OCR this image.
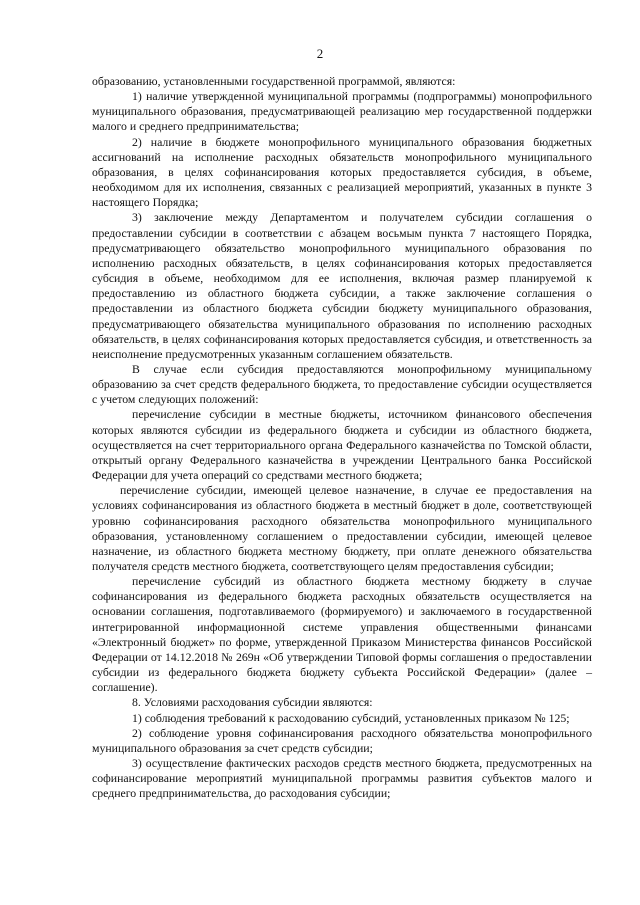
2

образованию, установленными государственной программой, являются:

1) наличие утвержденной муниципальной программы (подпрограммы) монопрофильного муниципального образования, предусматривающей реализацию мер государственной поддержки малого и среднего предпринимательства;

2) наличие в бюджете монопрофильного муниципального образования бюджетных ассигнований на исполнение расходных обязательств монопрофильного муниципального образования, в целях софинансирования которых предоставляется субсидия, в объеме, необходимом для их исполнения, связанных с реализацией мероприятий, указанных в пункте 3 настоящего Порядка;

3) заключение между Департаментом и получателем субсидии соглашения о предоставлении субсидии в соответствии с абзацем восьмым пункта 7 настоящего Порядка, предусматривающего обязательство монопрофильного муниципального образования по исполнению расходных обязательств, в целях софинансирования которых предоставляется субсидия в объеме, необходимом для ее исполнения, включая размер планируемой к предоставлению из областного бюджета субсидии, а также заключение соглашения о предоставлении из областного бюджета субсидии бюджету муниципального образования, предусматривающего обязательства муниципального образования по исполнению расходных обязательств, в целях софинансирования которых предоставляется субсидия, и ответственность за неисполнение предусмотренных указанным соглашением обязательств.

В случае если субсидия предоставляются монопрофильному муниципальному образованию за счет средств федерального бюджета, то предоставление субсидии осуществляется с учетом следующих положений:

перечисление субсидии в местные бюджеты, источником финансового обеспечения которых являются субсидии из федерального бюджета и субсидии из областного бюджета, осуществляется на счет территориального органа Федерального казначейства по Томской области, открытый органу Федерального казначейства в учреждении Центрального банка Российской Федерации для учета операций со средствами местного бюджета;

перечисление субсидии, имеющей целевое назначение, в случае ее предоставления на условиях софинансирования из областного бюджета в местный бюджет в доле, соответствующей уровню софинансирования расходного обязательства монопрофильного муниципального образования, установленному соглашением о предоставлении субсидии, имеющей целевое назначение, из областного бюджета местному бюджету, при оплате денежного обязательства получателя средств местного бюджета, соответствующего целям предоставления субсидии;

перечисление субсидий из областного бюджета местному бюджету в случае софинансирования из федерального бюджета расходных обязательств осуществляется на основании соглашения, подготавливаемого (формируемого) и заключаемого в государственной интегрированной информационной системе управления общественными финансами «Электронный бюджет» по форме, утвержденной Приказом Министерства финансов Российской Федерации от 14.12.2018 № 269н «Об утверждении Типовой формы соглашения о предоставлении субсидии из федерального бюджета бюджету субъекта Российской Федерации» (далее – соглашение).

8. Условиями расходования субсидии являются:

1) соблюдения требований к расходованию субсидий, установленных приказом № 125;

2) соблюдение уровня софинансирования расходного обязательства монопрофильного муниципального образования за счет средств субсидии;

3) осуществление фактических расходов средств местного бюджета, предусмотренных на софинансирование мероприятий муниципальной программы развития субъектов малого и среднего предпринимательства, до расходования субсидии;
